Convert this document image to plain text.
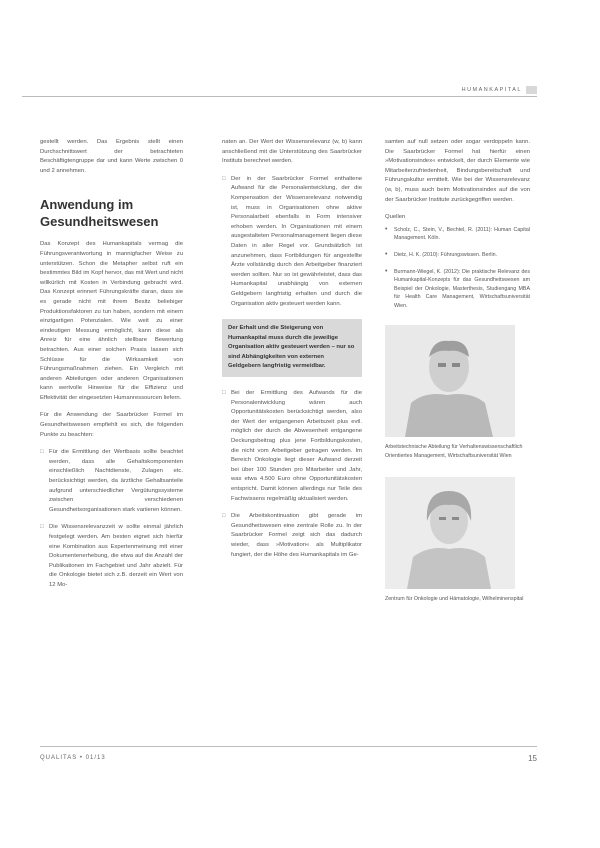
HUMANKAPITAL

gestellt werden. Das Ergebnis stellt einen Durchschnittswert der betrachteten Beschäftigtengruppe dar und kann Werte zwischen 0 und 2 annehmen.

Anwendung im Gesundheitswesen

Das Konzept des Humankapitals vermag die Führungsverantwortung in mannigfacher Weise zu unterstützen. Schon die Metapher selbst ruft ein bestimmtes Bild im Kopf hervor, das mit Wert und nicht willkürlich mit Kosten in Verbindung gebracht wird. Das Konzept erinnert Führungskräfte daran, dass sie es gerade nicht mit ihrem Besitz beliebiger Produktionsfaktoren zu tun haben, sondern mit einem einzigartigen Potenzialen. Wie weit zu einer eindeutigen Messung ermöglicht, kann diese als Anreiz für eine ähnlich stellbare Bewertung betrachten. Aus einer solchen Praxis lassen sich Schlüsse für die Wirksamkeit von Führungsmaßnahmen ziehen. Ein Vergleich mit anderen Abteilungen oder anderen Organisationen kann wertvolle Hinweise für die Effizienz und Effektivität der eingesetzten Humanressourcen liefern.

Für die Anwendung der Saarbrücker Formel im Gesundheitswesen empfiehlt es sich, die folgenden Punkte zu beachten:

□ Für die Ermittlung der Wertbasis sollte beachtet werden, dass alle Gehaltskomponenten einschließlich Nachtdienste, Zulagen etc. berücksichtigt werden, da ärztliche Gehaltsanteile aufgrund unterschiedlicher Vergütungssysteme zwischen verschiedenen Gesundheitsorganisationen stark variieren können.
□ Die Wissensrelevanzzeit w sollte einmal jährlich festgelegt werden. Am besten eignet sich hierfür eine Kombination aus Expertenmeinung mit einer Dokumentenerhebung, die etwa auf die Anzahl der Publikationen im Fachgebiet und Jahr abzielt. Für die Onkologie bietet sich z.B. derzeit ein Wert von 12 Mo-

naten an. Der Wert der Wissensrelevanz (w, b) kann anschließend mit die Unterstützung des Saarbrücker Instituts berechnet werden.

□ Der in der Saarbrücker Formel enthaltene Aufwand für die Personalentwicklung, der die Kompensation der Wissensrelevanz notwendig ist, muss in Organisationen ohne aktive Personalarbeit ebenfalls in Form intensiver erhoben werden. In Organisationen mit einem ausgestalteten Personalmanagement liegen diese Daten in aller Regel vor. Grundsätzlich ist anzunehmen, dass Fortbildungen für angestellte Ärzte vollständig durch den Arbeitgeber finanziert werden sollten. Nur so ist gewährleistet, dass das Humankapital unabhängig von externen Geldgebern langfristig erhalten und durch die Organisation aktiv gesteuert werden kann.
Der Erhalt und die Steigerung von Humankapital muss durch die jeweilige Organisation aktiv gesteuert werden – nur so sind Abhängigkeiten von externen Geldgebern langfristig vermeidbar.
□ Bei der Ermittlung des Aufwands für die Personalentwicklung wären auch Opportunitätskosten berücksichtigt werden, also der Wert der entgangenen Arbeitszeit plus evtl. möglich der durch die Abwesenheit entgangene Deckungsbeitrag plus jene Fortbildungskosten, die nicht vom Arbeitgeber getragen werden. Im Bereich Onkologie liegt dieser Aufwand derzeit bei über 100 Stunden pro Mitarbeiter und Jahr, was etwa 4.500 Euro ohne Opportunitätskosten entspricht. Damit können allerdings nur Teile des Fachwissens regelmäßig aktualisiert werden.
□ Die Arbeitskontinuation gibt gerade im Gesundheitswesen eine zentrale Rolle zu. In der Saarbrücker Formel zeigt sich das dadurch wieder, dass »Motivation« als Multiplikator fungiert, der die Höhe des Humankapitals im Ge-

samten auf null setzen oder sogar verdoppeln kann. Die Saarbrücker Formel hat hierfür einen »Motivationsindex« entwickelt, der durch Elemente wie Mitarbeiterzufriedenheit, Bindungsbereitschaft und Führungskultur ermittelt. Wie bei der Wissensrelevanz (w, b), muss auch beim Motivationsindex auf die von der Saarbrücker Institute zurückgegriffen werden.

Quellen
• Scholz, C., Stein, V., Bechtel, R. (2011): Human Capital Management. Köln.
• Dietz, H. K. (2010): Führungswissen. Berlin.
• Burmann-Wiegel, K. (2012): Die praktische Relevanz des Humankapital-Konzepts für das Gesundheitswesen am Beispiel der Onkologie, Masterthesis, Studiengang MBA für Health Care Management, Wirtschaftsuniversität Wien.
Arbeitstechnische Abteilung für Verhaltenswissenschaftlich Orientiertes Management, Wirtschaftsuniversität Wien
Zentrum für Onkologie und Hämatologie, Wilhelminenspital
QUALITAS • 01/13	15
